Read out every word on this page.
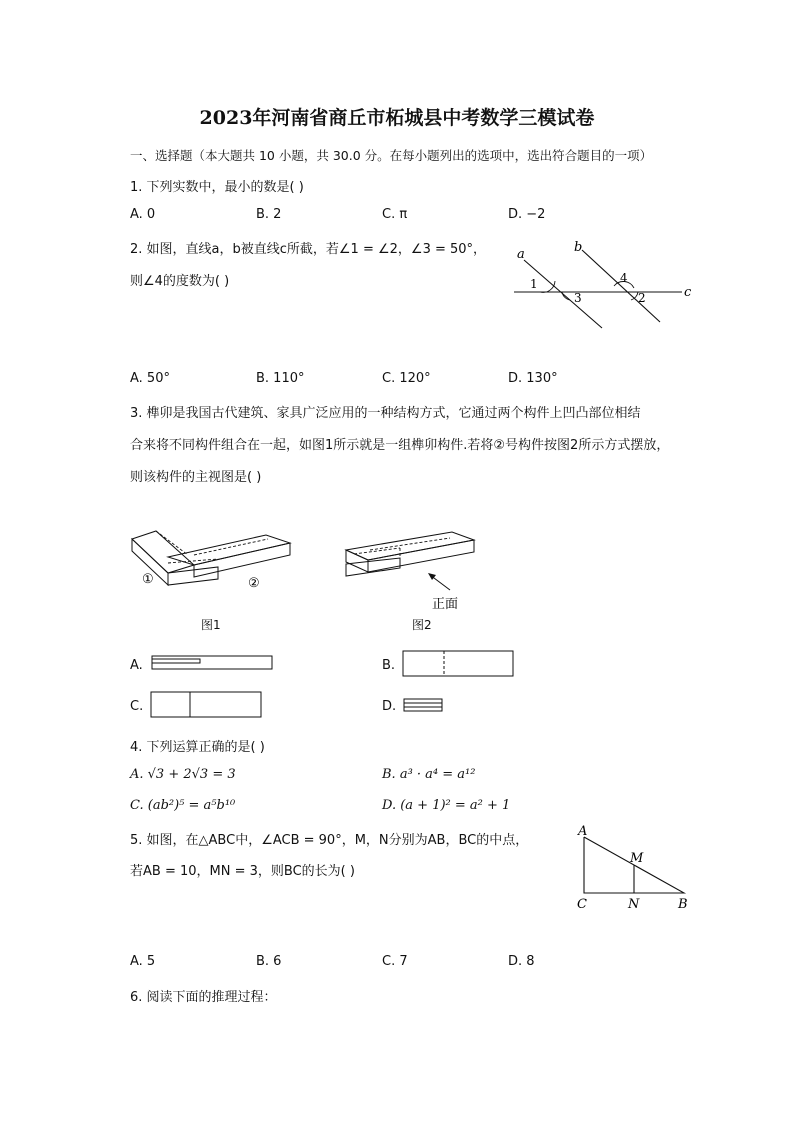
2023年河南省商丘市柘城县中考数学三模试卷
一、选择题（本大题共 10 小题，共 30.0 分。在每小题列出的选项中，选出符合题目的一项）
1. 下列实数中，最小的数是( )
A. 0	B. 2	C. π	D. −2
2. 如图，直线a，b被直线c所截，若∠1 = ∠2，∠3 = 50°，
则∠4的度数为( )
a	b
c
1
2
3
4
A. 50°	B. 110°	C. 120°	D. 130°
3. 榫卯是我国古代建筑、家具广泛应用的一种结构方式，它通过两个构件上凹凸部位相结
合来将不同构件组合在一起，如图1所示就是一组榫卯构件.若将②号构件按图2所示方式摆放，
则该构件的主视图是( )
①	②
正面
图1	图2
A.	B.
C.	D.
4. 下列运算正确的是( )
A. √3 + 2√3 = 3	B. a³ · a⁴ = a¹²
C. (ab²)⁵ = a⁵b¹⁰	D. (a + 1)² = a² + 1
5. 如图，在△ABC中，∠ACB = 90°，M，N分别为AB，BC的中点，
若AB = 10，MN = 3，则BC的长为( )
A
M
C	N	B
A. 5	B. 6	C. 7	D. 8
6. 阅读下面的推理过程：
